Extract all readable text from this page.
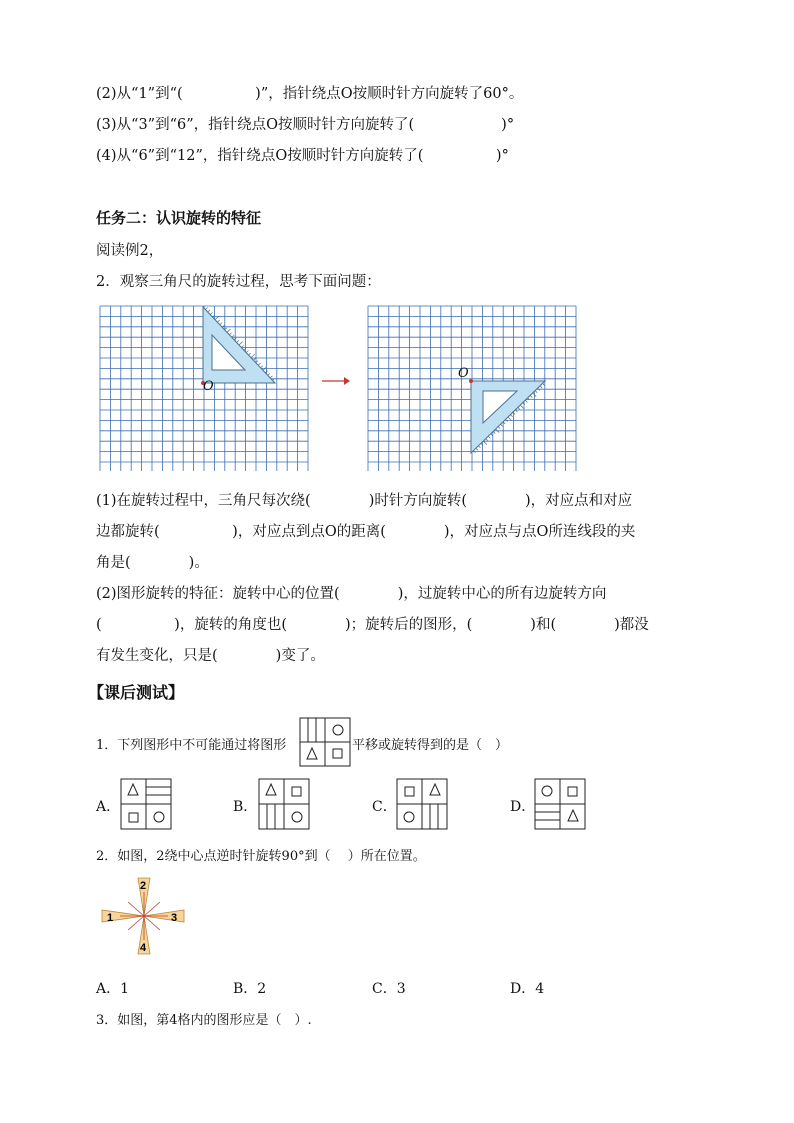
(2)从“1”到“(　　　　　)”，指针绕点O按顺时针方向旋转了60°。
(3)从“3”到“6”，指针绕点O按顺时针方向旋转了(　　　　　　)°
(4)从“6”到“12”，指针绕点O按顺时针方向旋转了(　　　　　)°
任务二：认识旋转的特征
阅读例2，
2．观察三角尺的旋转过程，思考下面问题：
O
O
(1)在旋转过程中，三角尺每次绕(　　　　)时针方向旋转(　　　　)，对应点和对应
边都旋转(　　　　　)，对应点到点O的距离(　　　　)，对应点与点O所连线段的夹
角是(　　　　)。
(2)图形旋转的特征：旋转中心的位置(　　　　)，过旋转中心的所有边旋转方向
(　　　　　)，旋转的角度也(　　　　)；旋转后的图形，(　　　　)和(　　　　)都没
有发生变化，只是(　　　　)变了。
【课后测试】
1．下列图形中不可能通过将图形	平移或旋转得到的是（　）
A．	B．	C．	D．
2．如图，2绕中心点逆时针旋转90°到（　 ）所在位置。
1
2
3
4
A．1	B．2	C．3	D．4
3．如图，第4格内的图形应是（　）.
